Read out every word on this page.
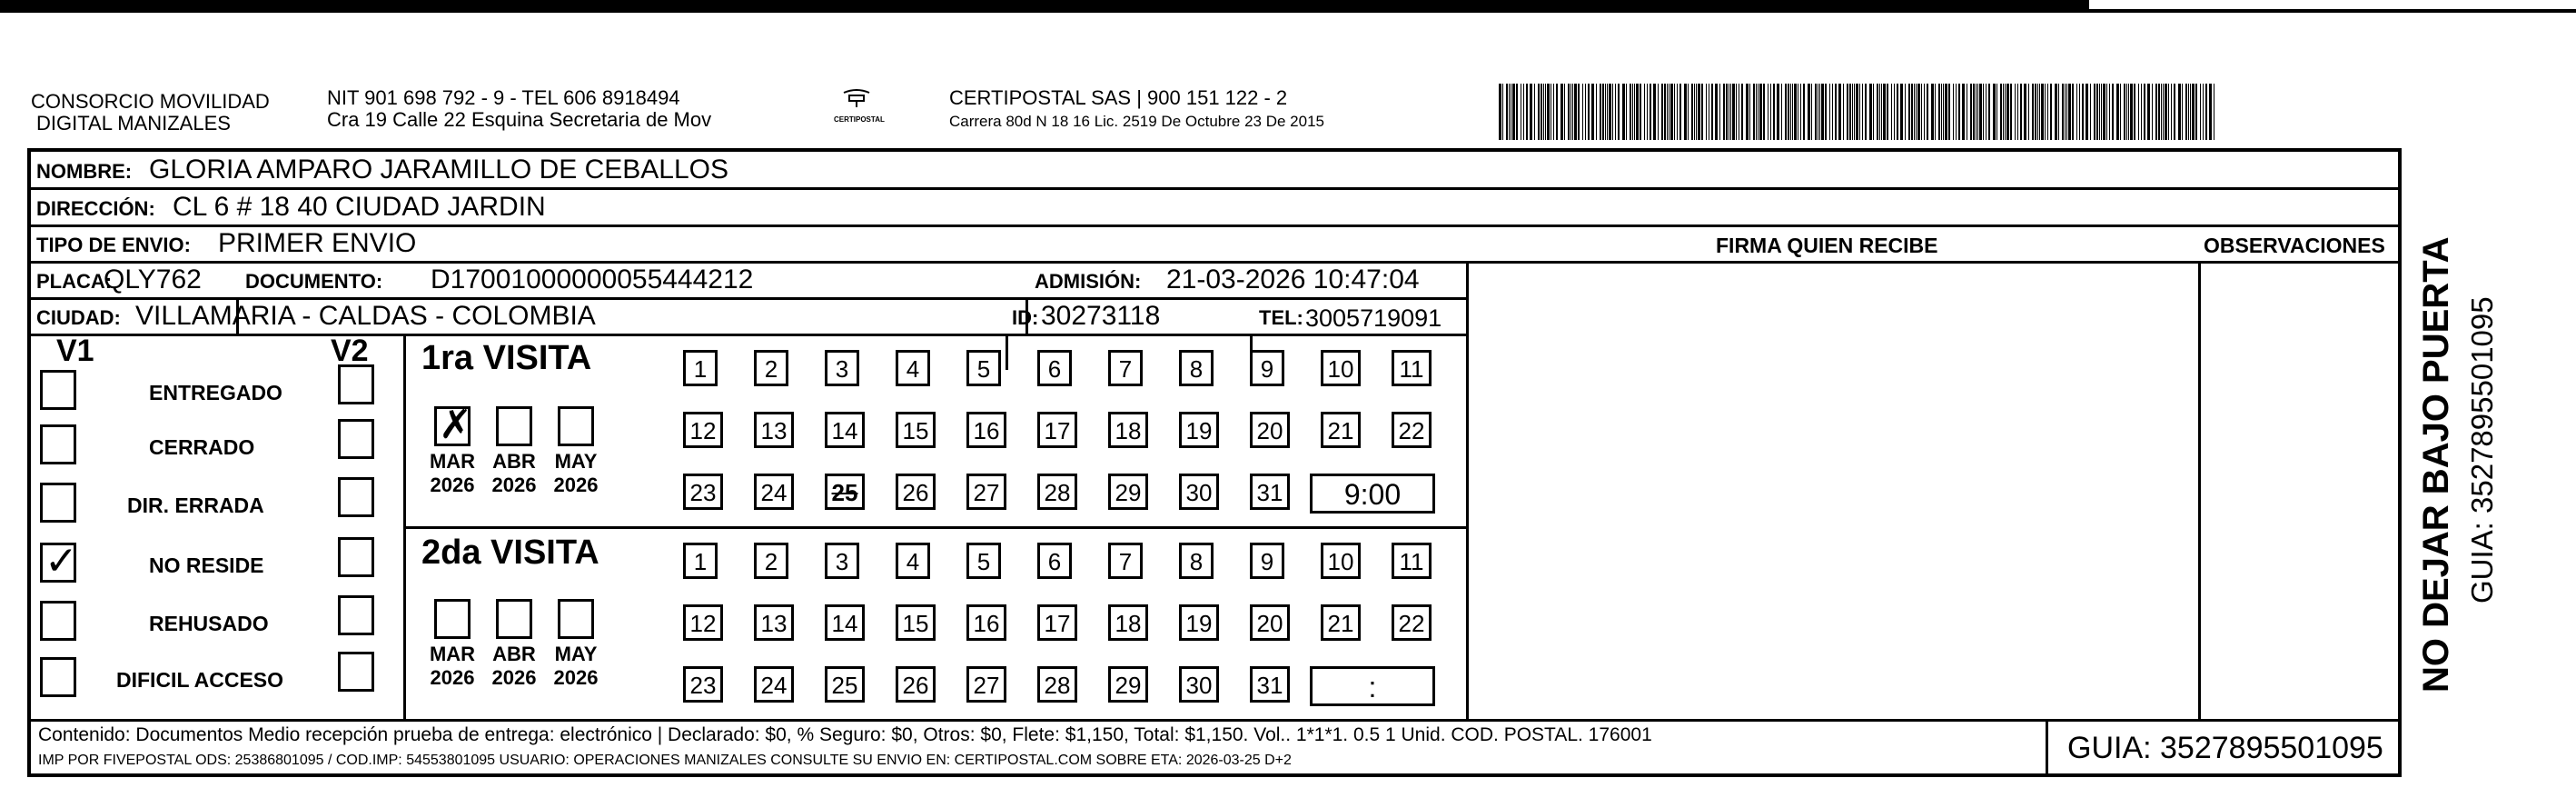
CONSORCIO MOVILIDAD
DIGITAL MANIZALES
NIT 901 698 792 - 9 - TEL 606 8918494
Cra 19 Calle 22 Esquina Secretaria de Mov	CERTIPOSTAL
CERTIPOSTAL SAS | 900 151 122 - 2
Carrera 80d N 18 16 Lic. 2519 De Octubre 23 De 2015
NOMBRE: GLORIA AMPARO JARAMILLO DE CEBALLOS
DIRECCIÓN: CL 6 # 18 40 CIUDAD JARDIN
TIPO DE ENVIO: PRIMER ENVIO	FIRMA QUIEN RECIBE	OBSERVACIONES
PLACA:
QLY762 DOCUMENTO: D17001000000055444212	ADMISIÓN: 21-03-2026 10:47:04
CIUDAD: VILLAMARIA - CALDAS - COLOMBIA	ID: 30273118	TEL: 3005719091
V1	V2
ENTREGADO
CERRADO
DIR. ERRADA
✓	NO RESIDE
REHUSADO
DIFICIL ACCESO
1ra VISITA
2da VISITA
✗
MAR
2026
ABR
2026
MAY
2026
1	2	3	4	5	6	7	8	9	10	11
12 13 14 15 16 17 18 19 20 21 22
23 24 25 26 27 28 29 30 31	9:00
MAR
2026
ABR
2026
MAY
2026
1	2	3	4	5	6	7	8	9	10	11
12 13 14 15 16 17 18 19 20 21 22
23 24 25 26 27 28 29 30 31	:
Contenido: Documentos Medio recepción prueba de entrega: electrónico | Declarado: $0, % Seguro: $0, Otros: $0, Flete: $1,150, Total: $1,150. Vol.. 1*1*1. 0.5 1 Unid. COD. POSTAL. 176001
IMP POR FIVEPOSTAL ODS: 25386801095 / COD.IMP: 54553801095 USUARIO: OPERACIONES MANIZALES CONSULTE SU ENVIO EN: CERTIPOSTAL.COM SOBRE ETA: 2026-03-25 D+2	GUIA: 3527895501095
NO DEJAR BAJO PUERTA GUIA: 3527895501095
